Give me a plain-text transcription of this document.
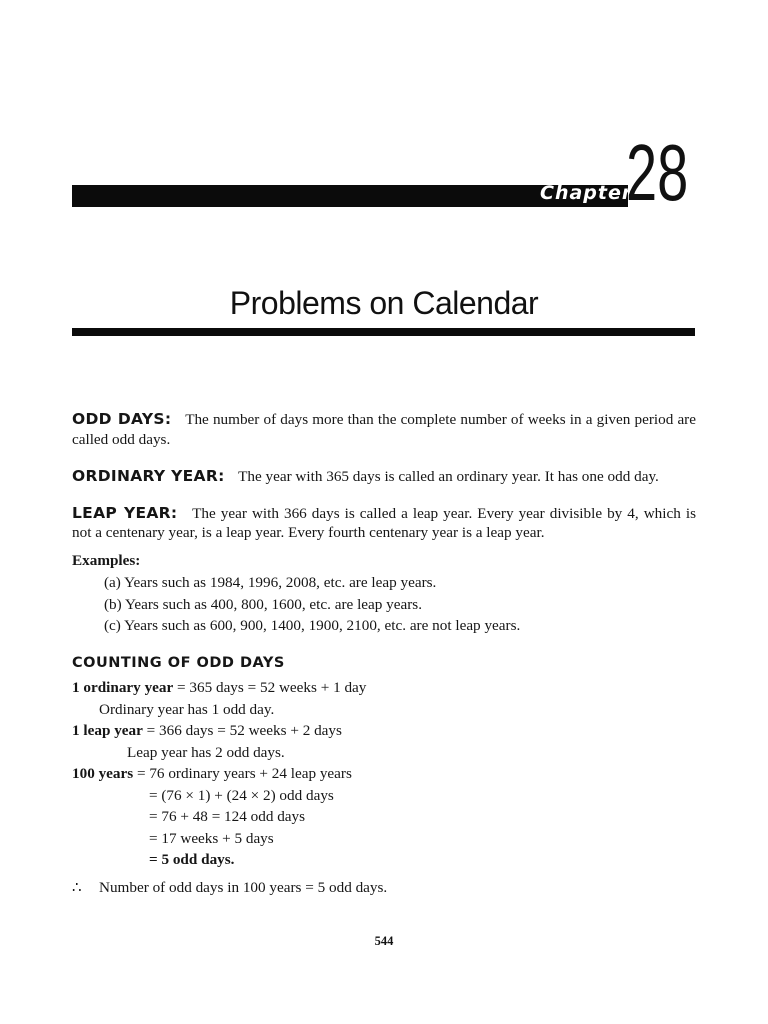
Chapter
28
Problems on Calendar

ODD DAYS: The number of days more than the complete number of weeks in a given period are called odd days.

ORDINARY YEAR: The year with 365 days is called an ordinary year. It has one odd day.

LEAP YEAR: The year with 366 days is called a leap year. Every year divisible by 4, which is not a centenary year, is a leap year. Every fourth centenary year is a leap year.

Examples:

(a) Years such as 1984, 1996, 2008, etc. are leap years.
(b) Years such as 400, 800, 1600, etc. are leap years.
(c) Years such as 600, 900, 1400, 1900, 2100, etc. are not leap years.
COUNTING OF ODD DAYS

1 ordinary year = 365 days = 52 weeks + 1 day

Ordinary year has 1 odd day.

1 leap year = 366 days = 52 weeks + 2 days

Leap year has 2 odd days.

100 years = 76 ordinary years + 24 leap years

= (76 × 1) + (24 × 2) odd days

= 76 + 48 = 124 odd days

= 17 weeks + 5 days

= 5 odd days.

∴ Number of odd days in 100 years = 5 odd days.

544
